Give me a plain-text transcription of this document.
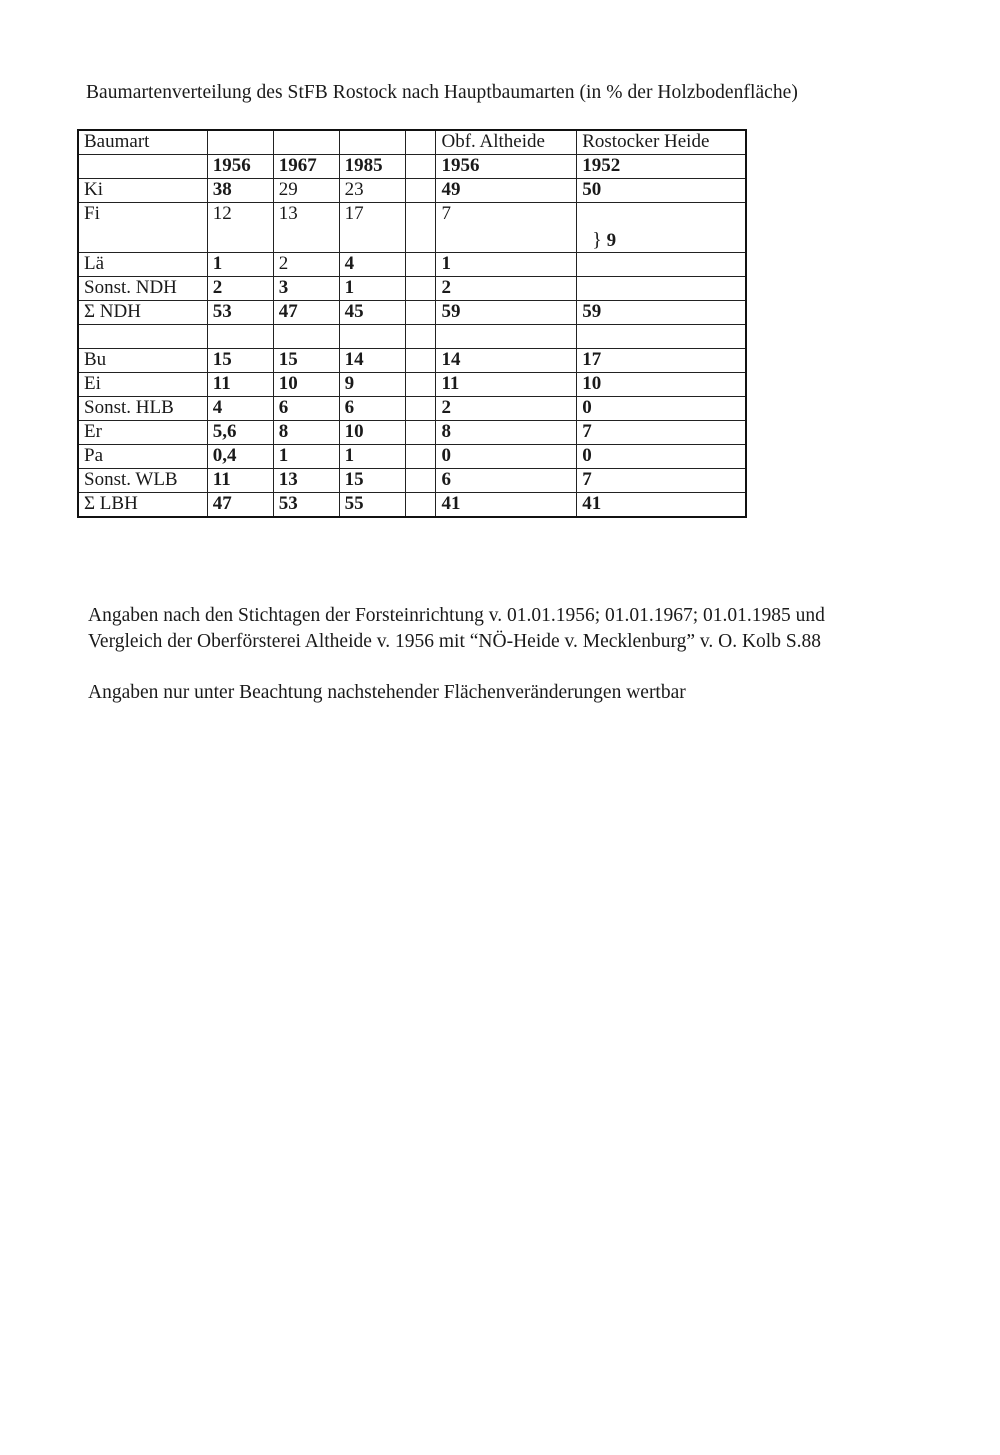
Baumartenverteilung des StFB Rostock nach Hauptbaumarten (in % der Holzbodenfläche)
Baumart					Obf. Altheide	Rostocker Heide
	1956	1967	1985		1956	1952
Ki	38	29	23		49	50
Fi	12	13	17		7	} 9

Lä	1	2	4		1	
Sonst. NDH	2	3	1		2	
Σ NDH	53	47	45		59	59

Bu	15	15	14		14	17
Ei	11	10	9		11	10
Sonst. HLB	4	6	6		2	0
Er	5,6	8	10		8	7
Pa	0,4	1	1		0	0
Sonst. WLB	11	13	15		6	7
Σ LBH	47	53	55		41	41
Angaben nach den Stichtagen der Forsteinrichtung v. 01.01.1956; 01.01.1967; 01.01.1985 und
Vergleich der Oberförsterei Altheide v. 1956 mit “NÖ-Heide v. Mecklenburg” v. O. Kolb S.88
Angaben nur unter Beachtung nachstehender Flächenveränderungen wertbar
